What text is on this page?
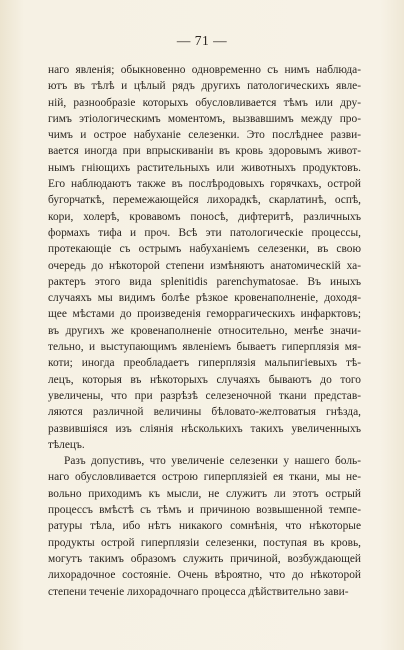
— 71 —
наго явленія; обыкновенно одновременно съ нимъ наблюда-
ютъ въ тѣлѣ и цѣлый рядъ другихъ патологическихъ явле-
ній, разнообразіе которыхъ обусловливается тѣмъ или дру-
гимъ этіологическимъ моментомъ, вызвавшимъ между про-
чимъ и острое набуханіе селезенки. Это послѣднее разви-
вается иногда при впрыскиваніи въ кровь здоровымъ живот-
нымъ гніющихъ растительныхъ или животныхъ продуктовъ.
Его наблюдаютъ также въ послѣродовыхъ горячкахъ, острой
бугорчаткѣ, перемежающейся лихорадкѣ, скарлатинѣ, оспѣ,
кори, холерѣ, кровавомъ поносѣ, дифтеритѣ, различныхъ
формахъ тифа и проч. Всѣ эти патологическіе процессы,
протекающіе съ острымъ набуханіемъ селезенки, въ свою
очередь до нѣкоторой степени измѣняютъ анатомическій ха-
рактеръ этого вида splenitidis parenchymatosae. Въ иныхъ
случаяхъ мы видимъ болѣе рѣзкое кровенаполненіе, доходя-
щее мѣстами до произведенія геморрагическихъ инфарктовъ;
въ другихъ же кровенаполненіе относительно, менѣе значи-
тельно, и выступающимъ явленіемъ бываетъ гиперплязія мя-
коти; иногда преобладаетъ гиперплязія мальпигіевыхъ тѣ-
лецъ, которыя въ нѣкоторыхъ случаяхъ бываютъ до того
увеличены, что при разрѣзѣ селезеночной ткани представ-
ляются различной величины бѣловато-желтоватыя гнѣзда,
развившіяся изъ слiянія нѣсколькихъ такихъ увеличенныхъ
тѣлецъ.
Разъ допустивъ, что увеличеніе селезенки у нашего боль-
наго обусловливается острою гиперплязіей ея ткани, мы не-
вольно приходимъ къ мысли, не служитъ ли этотъ острый
процессъ вмѣстѣ съ тѣмъ и причиною возвышенной темпе-
ратуры тѣла, ибо нѣтъ никакого сомнѣнія, что нѣкоторые
продукты острой гиперплязіи селезенки, поступая въ кровь,
могутъ такимъ образомъ служить причиной, возбуждающей
лихорадочное состояніе. Очень вѣроятно, что до нѣкоторой
степени теченіе лихорадочнаго процесса дѣйствительно зави-
